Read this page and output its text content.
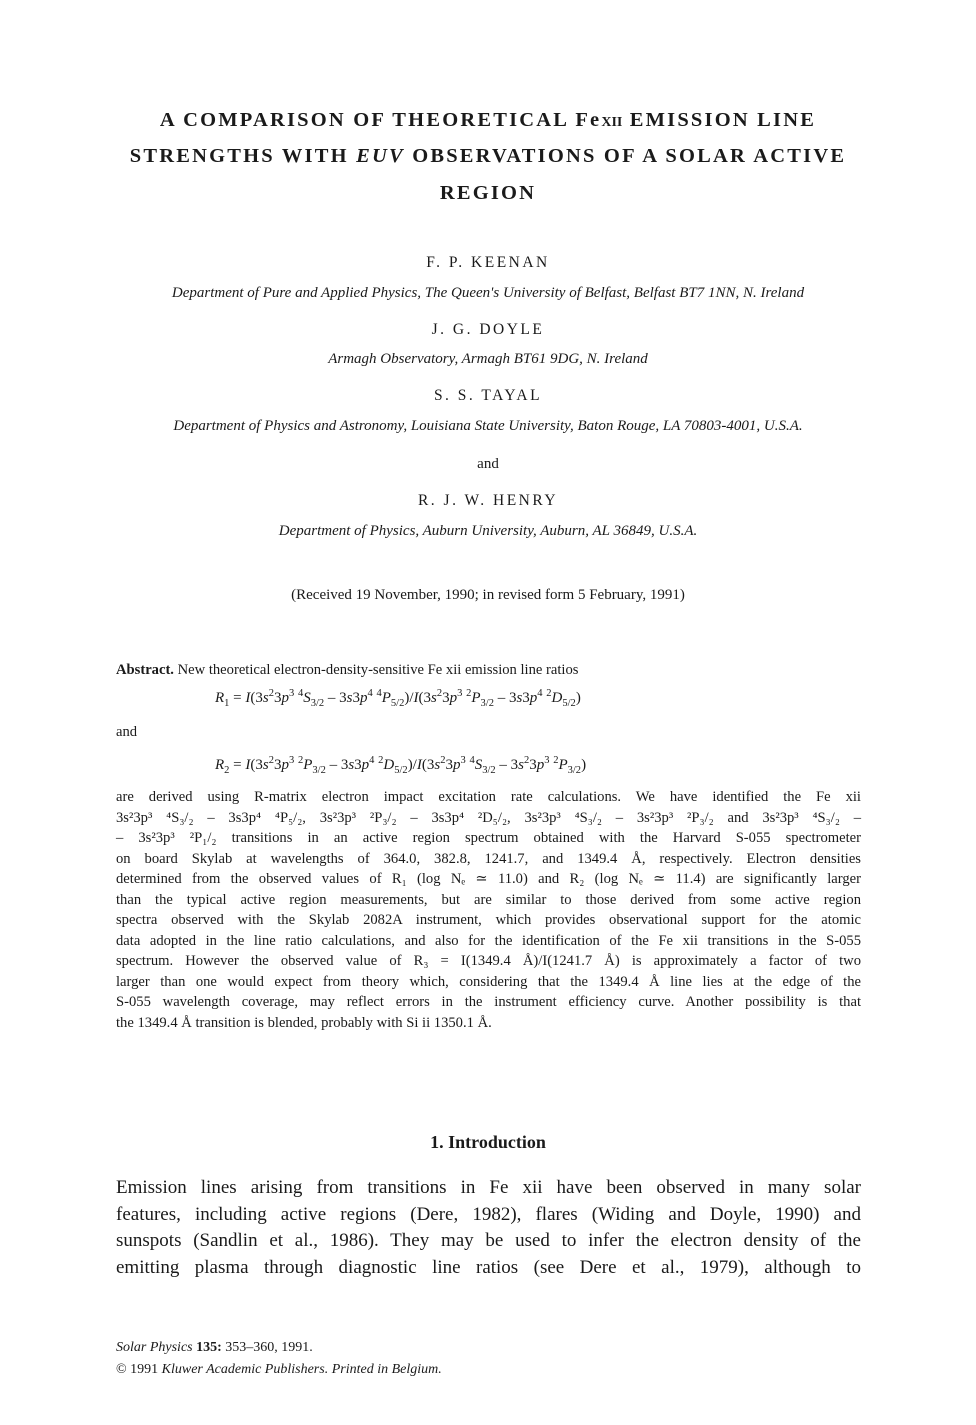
A COMPARISON OF THEORETICAL Fexii EMISSION LINE
STRENGTHS WITH EUV OBSERVATIONS OF A SOLAR ACTIVE
REGION
F. P. KEENAN
Department of Pure and Applied Physics, The Queen's University of Belfast, Belfast BT7 1NN, N. Ireland
J. G. DOYLE
Armagh Observatory, Armagh BT61 9DG, N. Ireland
S. S. TAYAL
Department of Physics and Astronomy, Louisiana State University, Baton Rouge, LA 70803-4001, U.S.A.
and
R. J. W. HENRY
Department of Physics, Auburn University, Auburn, AL 36849, U.S.A.
(Received 19 November, 1990; in revised form 5 February, 1991)
Abstract. New theoretical electron-density-sensitive Fe xii emission line ratios
$R_1 = I(3s^23p^3$ $^4S_{3/2} - 3s3p^4$ $^4P_{5/2})/I(3s^23p^3$ $^2P_{3/2} - 3s3p^4$ $^2D_{5/2}$)
and
$R_2 = I(3s^23p^3$ $^2P_{3/2} - 3s3p^4$ $^2D_{5/2})/I(3s^23p^3$ $^4S_{3/2} - 3s^23p^3$ $^2P_{3/2}$)
are derived using R-matrix electron impact excitation rate calculations. We have identified the Fe xii
3s²3p³ ⁴S₃/₂ – 3s3p⁴ ⁴P₅/₂, 3s²3p³ ²P₃/₂ – 3s3p⁴ ²D₅/₂, 3s²3p³ ⁴S₃/₂ – 3s²3p³ ²P₃/₂ and 3s²3p³ ⁴S₃/₂ –
– 3s²3p³ ²P₁/₂ transitions in an active region spectrum obtained with the Harvard S-055 spectrometer
on board Skylab at wavelengths of 364.0, 382.8, 1241.7, and 1349.4 Å, respectively. Electron densities
determined from the observed values of R₁ (log Nₑ ≃ 11.0) and R₂ (log Nₑ ≃ 11.4) are significantly larger
than the typical active region measurements, but are similar to those derived from some active region
spectra observed with the Skylab 2082A instrument, which provides observational support for the atomic
data adopted in the line ratio calculations, and also for the identification of the Fe xii transitions in the S-055
spectrum. However the observed value of R₃ = I(1349.4 Å)/I(1241.7 Å) is approximately a factor of two
larger than one would expect from theory which, considering that the 1349.4 Å line lies at the edge of the
S-055 wavelength coverage, may reflect errors in the instrument efficiency curve. Another possibility is that
the 1349.4 Å transition is blended, probably with Si ii 1350.1 Å.
1. Introduction
Emission lines arising from transitions in Fe xii have been observed in many solar
features, including active regions (Dere, 1982), flares (Widing and Doyle, 1990) and
sunspots (Sandlin et al., 1986). They may be used to infer the electron density of the
emitting plasma through diagnostic line ratios (see Dere et al., 1979), although to
Solar Physics 135: 353–360, 1991.
© 1991 Kluwer Academic Publishers. Printed in Belgium.
